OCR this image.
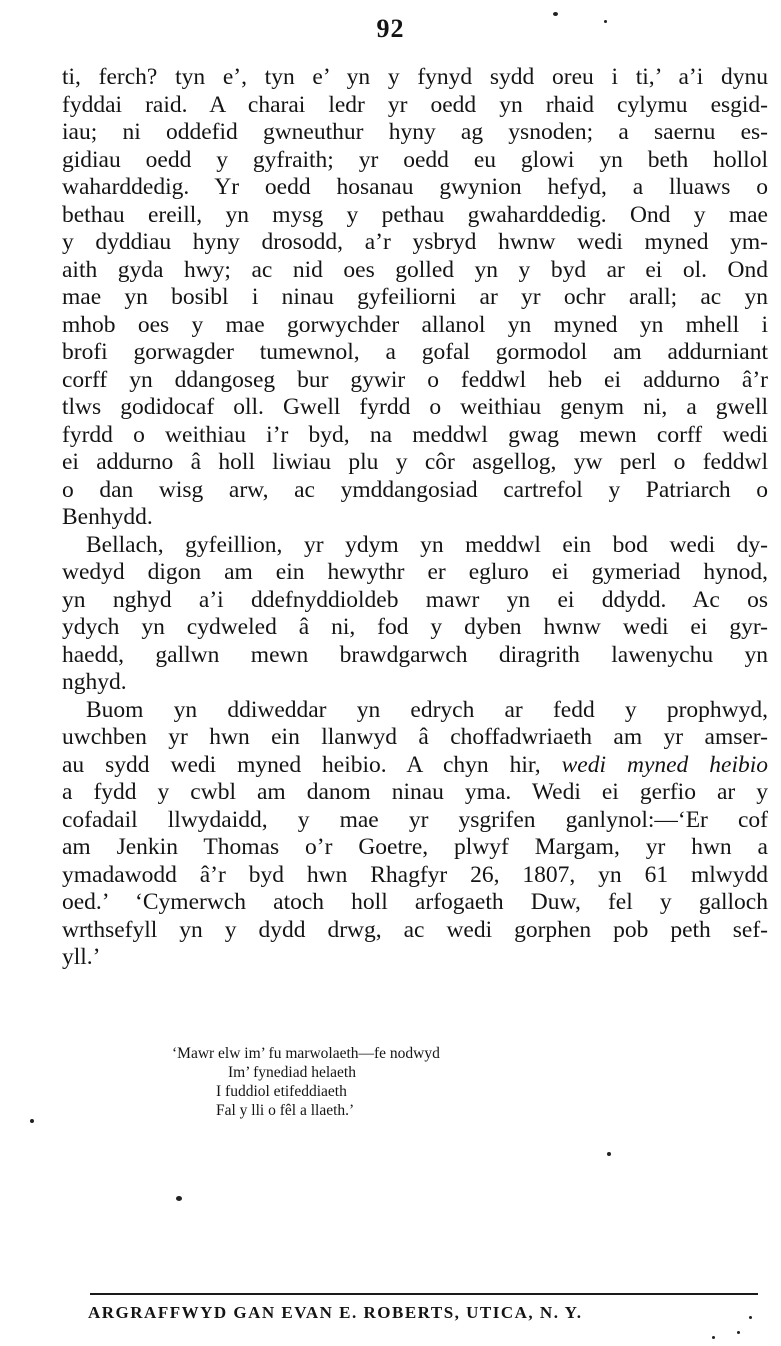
92
ti, ferch? tyn e’, tyn e’ yn y fynyd sydd oreu i ti,’ a’i dynu
fyddai raid. A charai ledr yr oedd yn rhaid cylymu esgid-
iau; ni oddefid gwneuthur hyny ag ysnoden; a saernu es-
gidiau oedd y gyfraith; yr oedd eu glowi yn beth hollol
waharddedig. Yr oedd hosanau gwynion hefyd, a lluaws o
bethau ereill, yn mysg y pethau gwaharddedig. Ond y mae
y dyddiau hyny drosodd, a’r ysbryd hwnw wedi myned ym-
aith gyda hwy; ac nid oes golled yn y byd ar ei ol. Ond
mae yn bosibl i ninau gyfeiliorni ar yr ochr arall; ac yn
mhob oes y mae gorwychder allanol yn myned yn mhell i
brofi gorwagder tumewnol, a gofal gormodol am addurniant
corff yn ddangoseg bur gywir o feddwl heb ei addurno â’r
tlws godidocaf oll. Gwell fyrdd o weithiau genym ni, a gwell
fyrdd o weithiau i’r byd, na meddwl gwag mewn corff wedi
ei addurno â holl liwiau plu y côr asgellog, yw perl o feddwl
o dan wisg arw, ac ymddangosiad cartrefol y Patriarch o
Benhydd.
Bellach, gyfeillion, yr ydym yn meddwl ein bod wedi dy-
wedyd digon am ein hewythr er egluro ei gymeriad hynod,
yn nghyd a’i ddefnyddioldeb mawr yn ei ddydd. Ac os
ydych yn cydweled â ni, fod y dyben hwnw wedi ei gyr-
haedd, gallwn mewn brawdgarwch diragrith lawenychu yn
nghyd.
Buom yn ddiweddar yn edrych ar fedd y prophwyd,
uwchben yr hwn ein llanwyd â choffadwriaeth am yr amser-
au sydd wedi myned heibio. A chyn hir, wedi myned heibio
a fydd y cwbl am danom ninau yma. Wedi ei gerfio ar y
cofadail llwydaidd, y mae yr ysgrifen ganlynol:—‘Er cof
am Jenkin Thomas o’r Goetre, plwyf Margam, yr hwn a
ymadawodd â’r byd hwn Rhagfyr 26, 1807, yn 61 mlwydd
oed.’ ‘Cymerwch atoch holl arfogaeth Duw, fel y galloch
wrthsefyll yn y dydd drwg, ac wedi gorphen pob peth sef-
yll.’
‘Mawr elw im’ fu marwolaeth—fe nodwyd
Im’ fynediad helaeth
I fuddiol etifeddiaeth
Fal y lli o fêl a llaeth.’
ARGRAFFWYD GAN EVAN E. ROBERTS, UTICA, N. Y.
